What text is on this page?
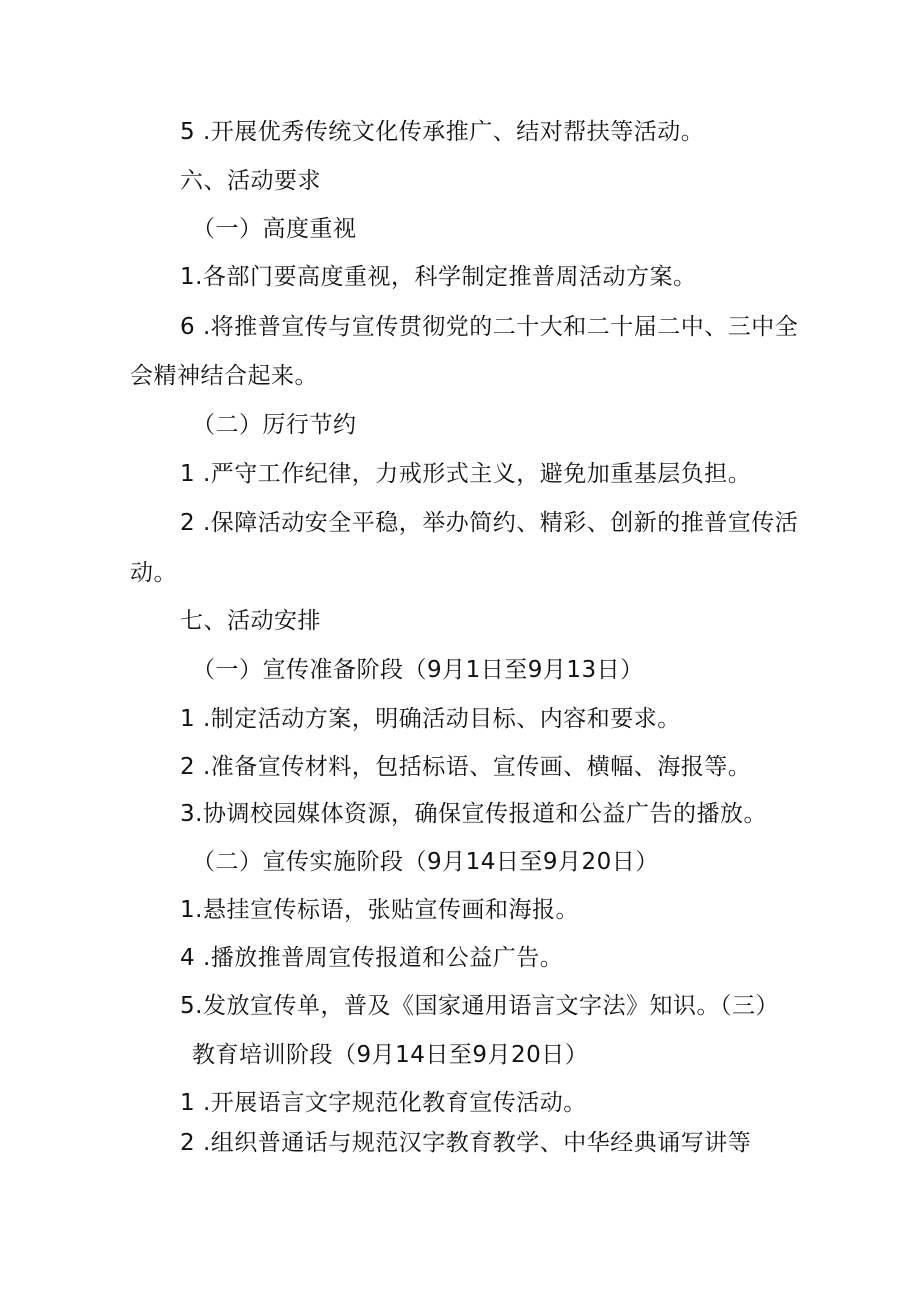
5 .开展优秀传统文化传承推广、结对帮扶等活动。
六、活动要求
（一）高度重视
1.各部门要高度重视，科学制定推普周活动方案。
6 .将推普宣传与宣传贯彻党的二十大和二十届二中、三中全
会精神结合起来。
（二）厉行节约
1 .严守工作纪律，力戒形式主义，避免加重基层负担。
2 .保障活动安全平稳，举办简约、精彩、创新的推普宣传活
动。
七、活动安排
（一）宣传准备阶段（9月1日至9月13日）
1 .制定活动方案，明确活动目标、内容和要求。
2 .准备宣传材料，包括标语、宣传画、横幅、海报等。
3.协调校园媒体资源，确保宣传报道和公益广告的播放。
（二）宣传实施阶段（9月14日至9月20日）
1.悬挂宣传标语，张贴宣传画和海报。
4 .播放推普周宣传报道和公益广告。
5.发放宣传单，普及《国家通用语言文字法》知识。（三）
教育培训阶段（9月14日至9月20日）
1 .开展语言文字规范化教育宣传活动。
2 .组织普通话与规范汉字教育教学、中华经典诵写讲等
